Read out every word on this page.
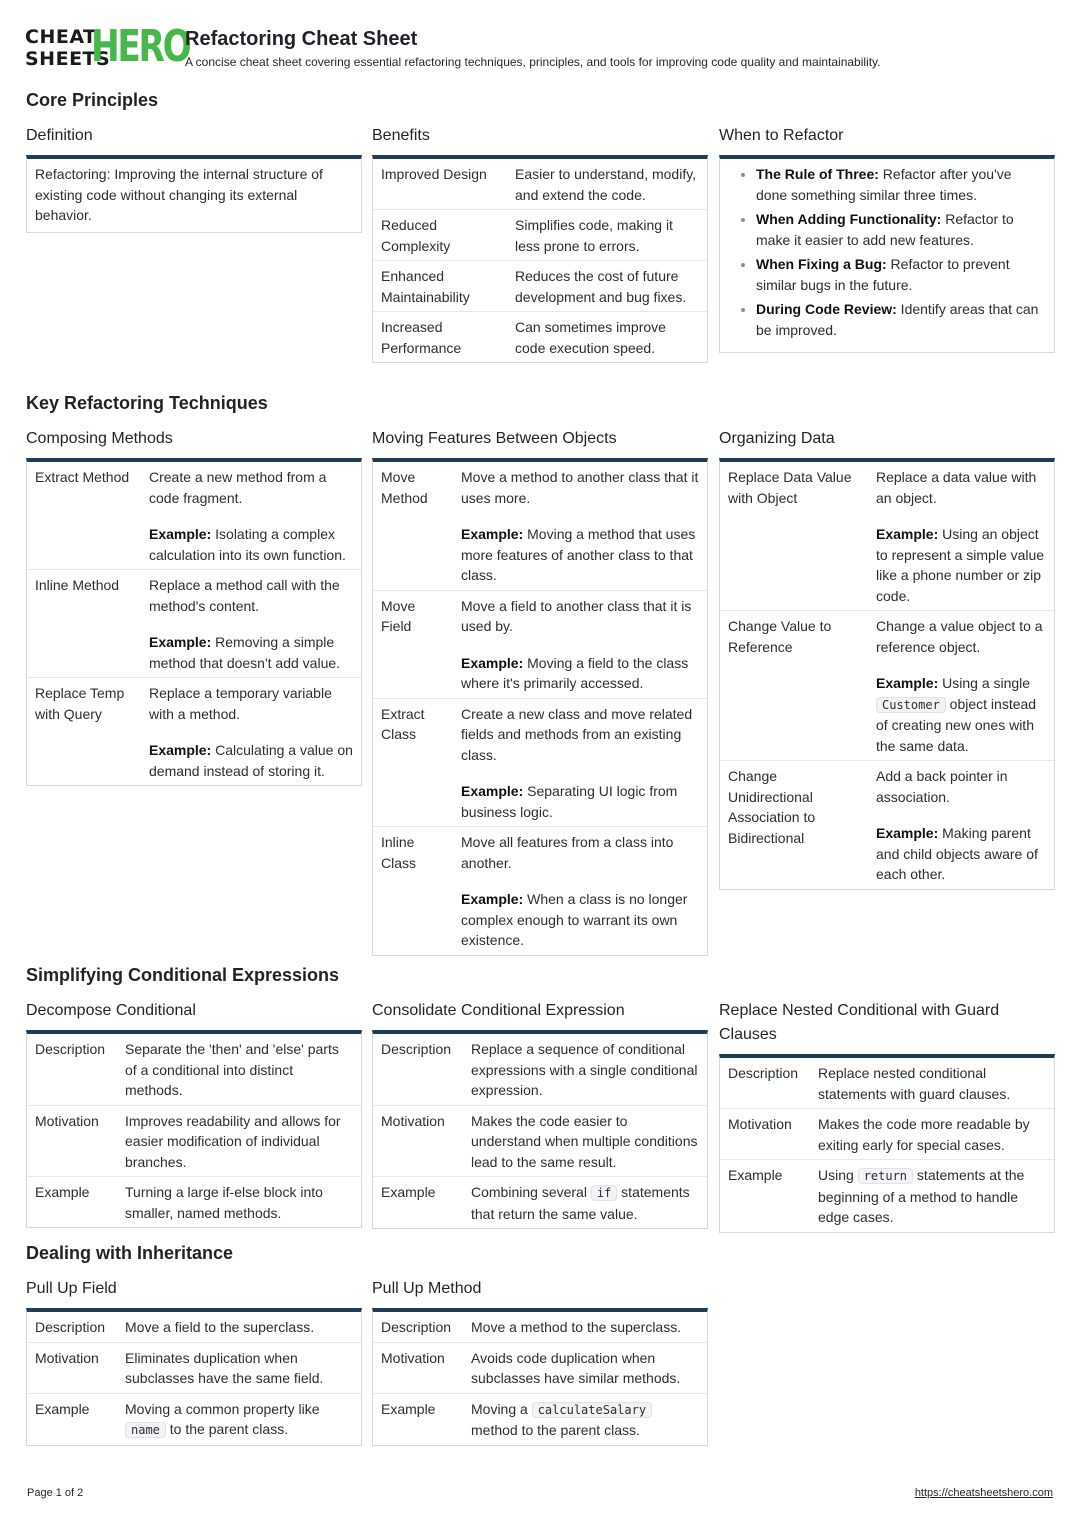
CHEAT
SHEETS
HERO
Refactoring Cheat Sheet
A concise cheat sheet covering essential refactoring techniques, principles, and tools for improving code quality and maintainability.
Core Principles
Definition
Refactoring: Improving the internal structure of existing code without changing its external behavior.
Benefits
Improved Design	Easier to understand, modify, and extend the code.
Reduced Complexity	Simplifies code, making it less prone to errors.
Enhanced Maintainability	Reduces the cost of future development and bug fixes.
Increased Performance	Can sometimes improve code execution speed.
When to Refactor
• The Rule of Three: Refactor after you've done something similar three times.
• When Adding Functionality: Refactor to make it easier to add new features.
• When Fixing a Bug: Refactor to prevent similar bugs in the future.
• During Code Review: Identify areas that can be improved.
Key Refactoring Techniques
Composing Methods
Extract Method	Create a new method from a code fragment.
Example: Isolating a complex calculation into its own function.
Inline Method	Replace a method call with the method's content.
Example: Removing a simple method that doesn't add value.
Replace Temp with Query	Replace a temporary variable with a method.
Example: Calculating a value on demand instead of storing it.
Moving Features Between Objects
Move Method	Move a method to another class that it uses more.
Example: Moving a method that uses more features of another class to that class.
Move Field	Move a field to another class that it is used by.
Example: Moving a field to the class where it's primarily accessed.
Extract Class	Create a new class and move related fields and methods from an existing class.
Example: Separating UI logic from business logic.
Inline Class	Move all features from a class into another.
Example: When a class is no longer complex enough to warrant its own existence.
Organizing Data
Replace Data Value with Object	Replace a data value with an object.
Example: Using an object to represent a simple value like a phone number or zip code.
Change Value to Reference	Change a value object to a reference object.
Example: Using a single Customer object instead of creating new ones with the same data.
Change Unidirectional Association to Bidirectional	Add a back pointer in association.
Example: Making parent and child objects aware of each other.
Simplifying Conditional Expressions
Decompose Conditional
Description	Separate the 'then' and 'else' parts of a conditional into distinct methods.
Motivation	Improves readability and allows for easier modification of individual branches.
Example	Turning a large if-else block into smaller, named methods.
Consolidate Conditional Expression
Description	Replace a sequence of conditional expressions with a single conditional expression.
Motivation	Makes the code easier to understand when multiple conditions lead to the same result.
Example	Combining several if statements that return the same value.
Replace Nested Conditional with Guard Clauses
Description	Replace nested conditional statements with guard clauses.
Motivation	Makes the code more readable by exiting early for special cases.
Example	Using return statements at the beginning of a method to handle edge cases.
Dealing with Inheritance
Pull Up Field
Description	Move a field to the superclass.
Motivation	Eliminates duplication when subclasses have the same field.
Example	Moving a common property like name to the parent class.
Pull Up Method
Description	Move a method to the superclass.
Motivation	Avoids code duplication when subclasses have similar methods.
Example	Moving a calculateSalary method to the parent class.
Page 1 of 2	https://cheatsheetshero.com
